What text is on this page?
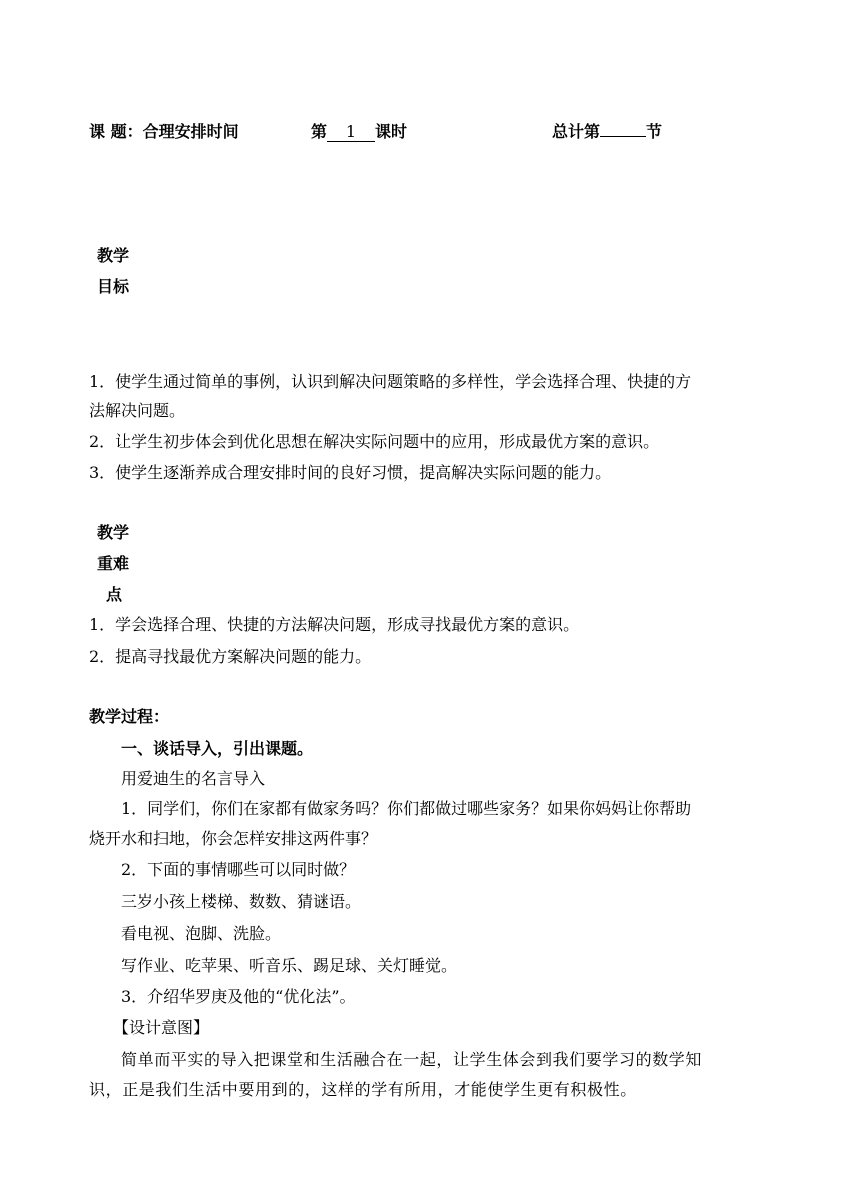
课 题：合理安排时间	第 1 课时	总计第	节
教学
目标
1．使学生通过简单的事例，认识到解决问题策略的多样性，学会选择合理、快捷的方
法解决问题。
2．让学生初步体会到优化思想在解决实际问题中的应用，形成最优方案的意识。
3．使学生逐渐养成合理安排时间的良好习惯，提高解决实际问题的能力。
教学
重难
点
1．学会选择合理、快捷的方法解决问题，形成寻找最优方案的意识。
2．提高寻找最优方案解决问题的能力。
教学过程：
一、谈话导入，引出课题。
用爱迪生的名言导入
1．同学们，你们在家都有做家务吗？你们都做过哪些家务？如果你妈妈让你帮助
烧开水和扫地，你会怎样安排这两件事？
2．下面的事情哪些可以同时做？
三岁小孩上楼梯、数数、猜谜语。
看电视、泡脚、洗脸。
写作业、吃苹果、听音乐、踢足球、关灯睡觉。
3．介绍华罗庚及他的“优化法”。
【设计意图】
简单而平实的导入把课堂和生活融合在一起，让学生体会到我们要学习的数学知
识，正是我们生活中要用到的，这样的学有所用，才能使学生更有积极性。
